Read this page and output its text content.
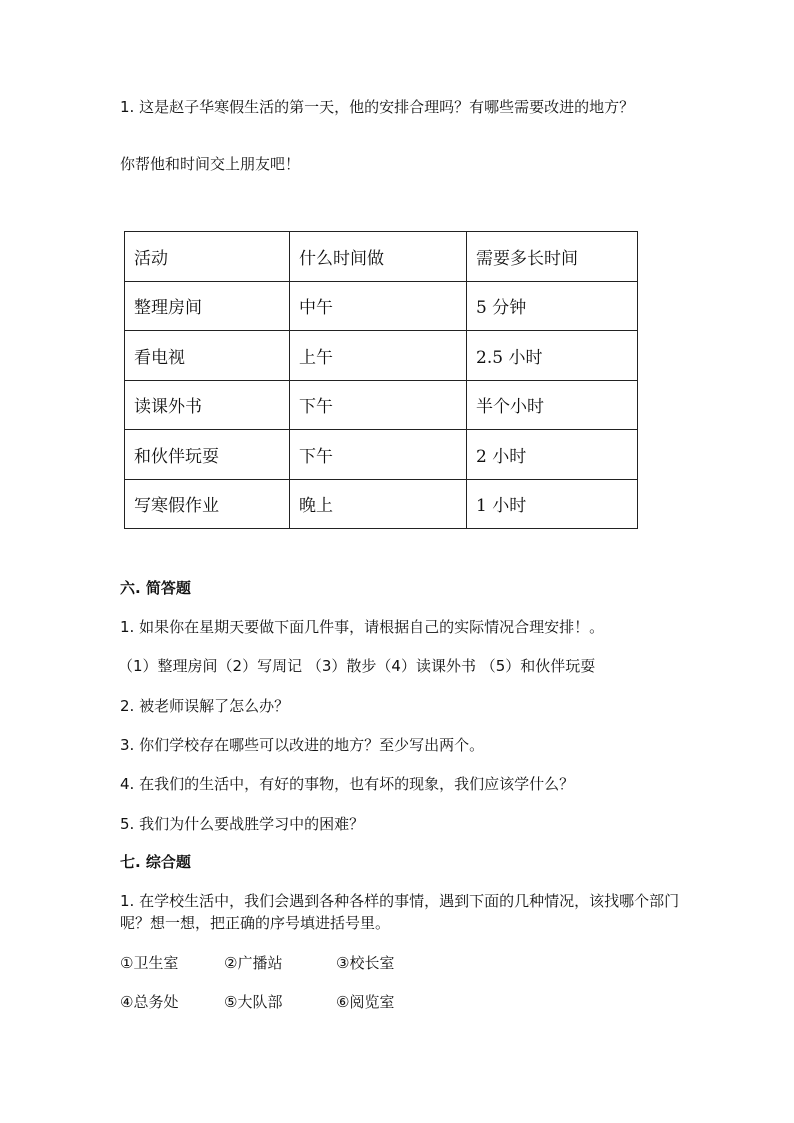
1. 这是赵子华寒假生活的第一天，他的安排合理吗？有哪些需要改进的地方？
你帮他和时间交上朋友吧！
活动	什么时间做	需要多长时间
整理房间	中午	5 分钟
看电视	上午	2.5 小时
读课外书	下午	半个小时
和伙伴玩耍	下午	2 小时
写寒假作业	晚上	1 小时
六. 简答题
1. 如果你在星期天要做下面几件事，请根据自己的实际情况合理安排！。
（1）整理房间（2）写周记 （3）散步（4）读课外书 （5）和伙伴玩耍
2. 被老师误解了怎么办？
3. 你们学校存在哪些可以改进的地方？至少写出两个。
4. 在我们的生活中，有好的事物，也有坏的现象，我们应该学什么？
5. 我们为什么要战胜学习中的困难？
七. 综合题
1. 在学校生活中，我们会遇到各种各样的事情，遇到下面的几种情况，该找哪个部门呢？想一想，把正确的序号填进括号里。
①卫生室	②广播站	③校长室
④总务处	⑤大队部	⑥阅览室
